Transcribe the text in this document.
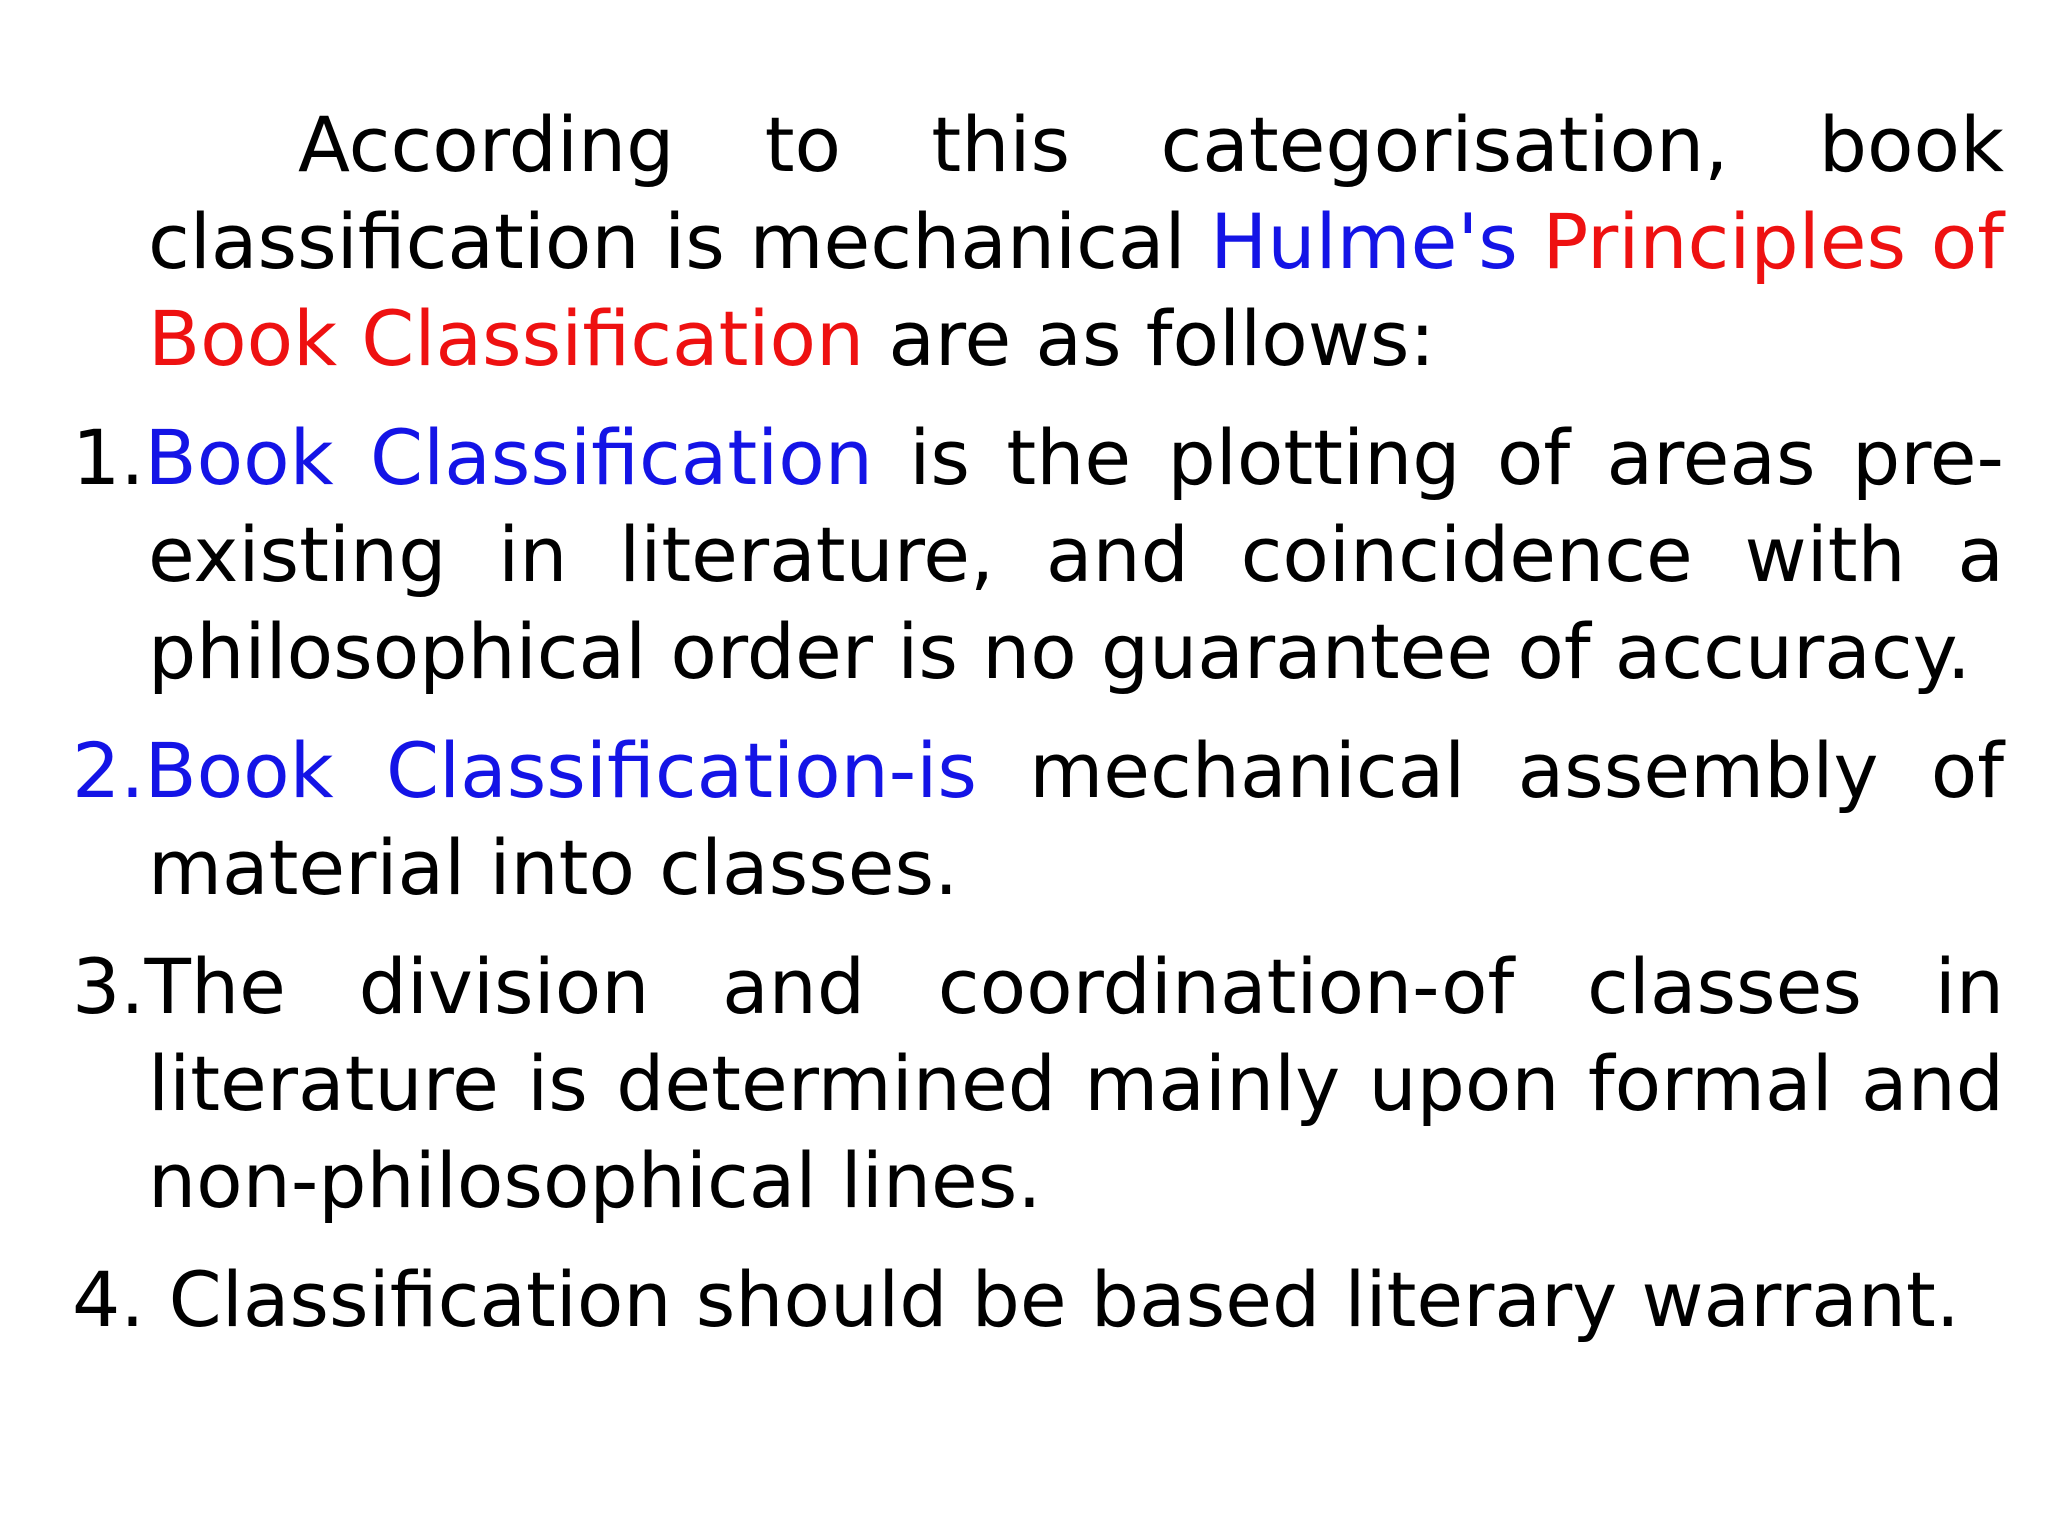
According to this categorisation, book classification is mechanical Hulme's Principles of Book Classification are as follows:

1.Book Classification is the plotting of areas pre-existing in literature, and coincidence with a philosophical order is no guarantee of accuracy.

2.Book Classification-is mechanical assembly of material into classes.

3.The division and coordination-of classes in literature is determined mainly upon formal and non-philosophical lines.

4. Classification should be based literary warrant.
